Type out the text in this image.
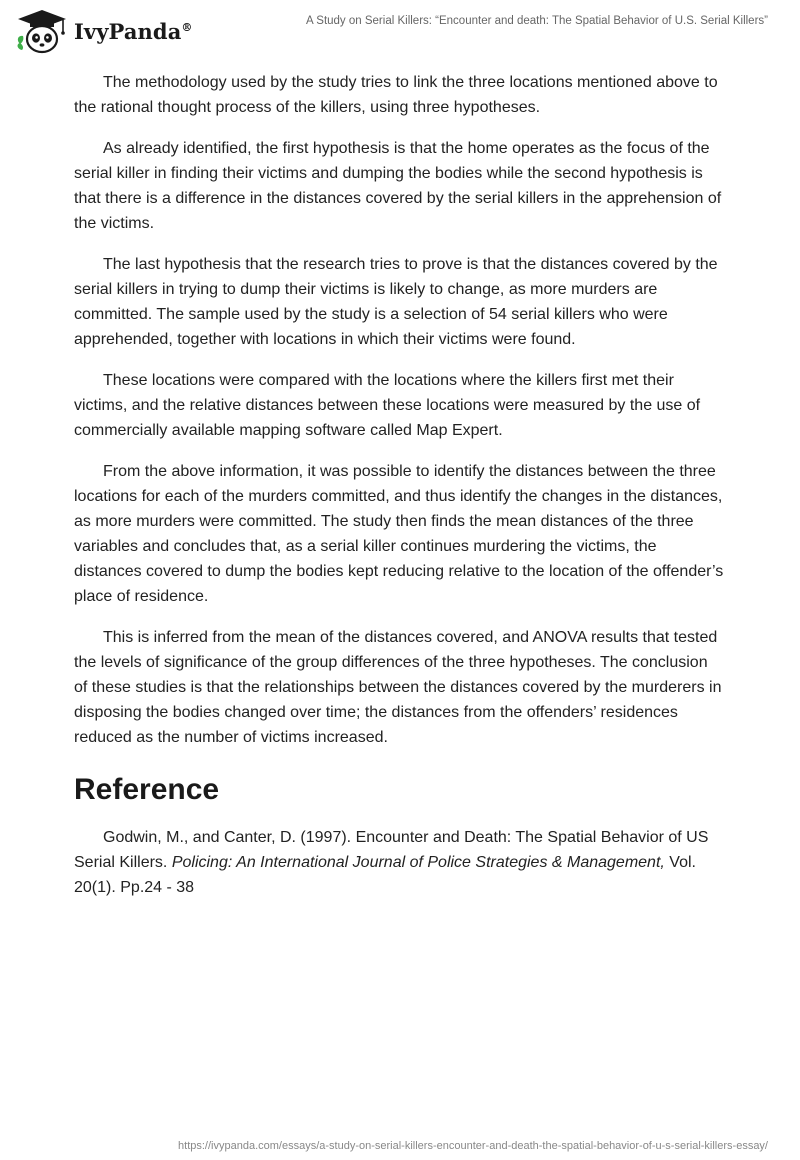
IvyPanda®	A Study on Serial Killers: “Encounter and death: The Spatial Behavior of U.S. Serial Killers”

The methodology used by the study tries to link the three locations mentioned above to the rational thought process of the killers, using three hypotheses.

As already identified, the first hypothesis is that the home operates as the focus of the serial killer in finding their victims and dumping the bodies while the second hypothesis is that there is a difference in the distances covered by the serial killers in the apprehension of the victims.

The last hypothesis that the research tries to prove is that the distances covered by the serial killers in trying to dump their victims is likely to change, as more murders are committed. The sample used by the study is a selection of 54 serial killers who were apprehended, together with locations in which their victims were found.

These locations were compared with the locations where the killers first met their victims, and the relative distances between these locations were measured by the use of commercially available mapping software called Map Expert.

From the above information, it was possible to identify the distances between the three locations for each of the murders committed, and thus identify the changes in the distances, as more murders were committed. The study then finds the mean distances of the three variables and concludes that, as a serial killer continues murdering the victims, the distances covered to dump the bodies kept reducing relative to the location of the offender’s place of residence.

This is inferred from the mean of the distances covered, and ANOVA results that tested the levels of significance of the group differences of the three hypotheses. The conclusion of these studies is that the relationships between the distances covered by the murderers in disposing the bodies changed over time; the distances from the offenders’ residences reduced as the number of victims increased.

Reference

Godwin, M., and Canter, D. (1997). Encounter and Death: The Spatial Behavior of US Serial Killers. Policing: An International Journal of Police Strategies & Management, Vol. 20(1). Pp.24 - 38

https://ivypanda.com/essays/a-study-on-serial-killers-encounter-and-death-the-spatial-behavior-of-u-s-serial-killers-essay/
